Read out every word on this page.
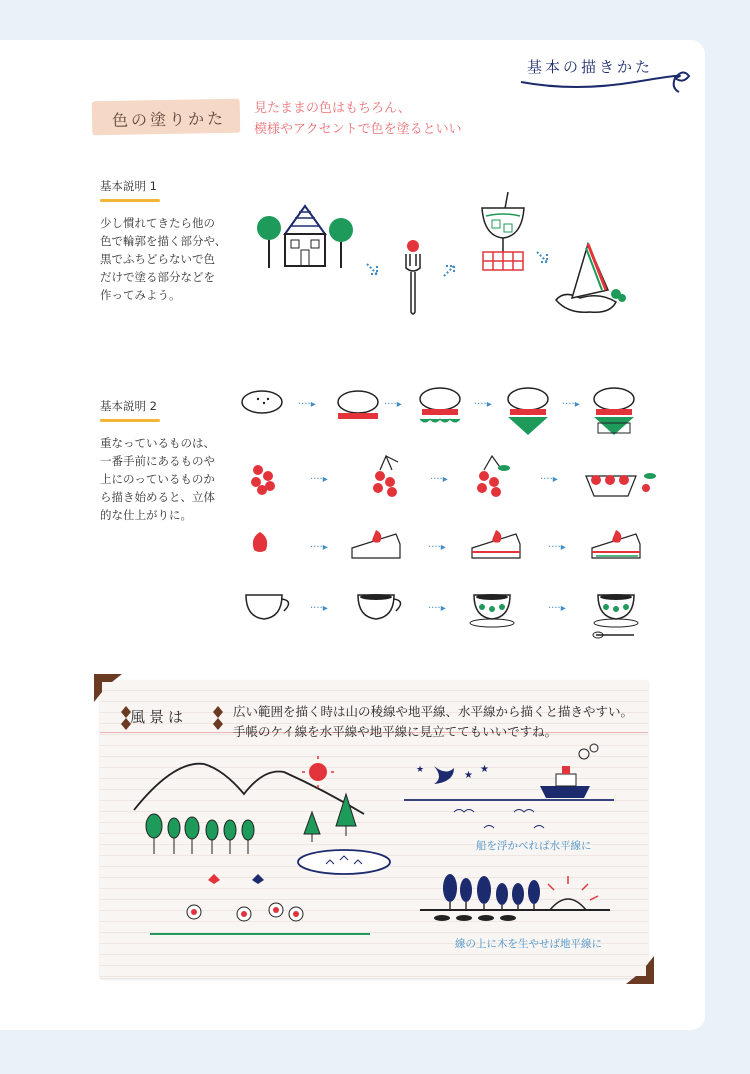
基本の描きかた
色の塗りかた
見たままの色はもちろん、
模様やアクセントで色を塗るといい
基本説明 1
少し慣れてきたら他の
色で輪郭を描く部分や、
黒でふちどらないで色
だけで塗る部分などを
作ってみよう。
基本説明 2
重なっているものは、
一番手前にあるものや
上にのっているものか
ら描き始めると、立体
的な仕上がりに。
····▸	····▸	····▸	····▸
····▸	····▸	····▸
····▸	····▸	····▸
····▸	····▸	····▸
風景は	広い範囲を描く時は山の稜線や地平線、水平線から描くと描きやすい。
手帳のケイ線を水平線や地平線に見立ててもいいですね。
★
★
★
船を浮かべれば水平線に
線の上に木を生やせば地平線に
